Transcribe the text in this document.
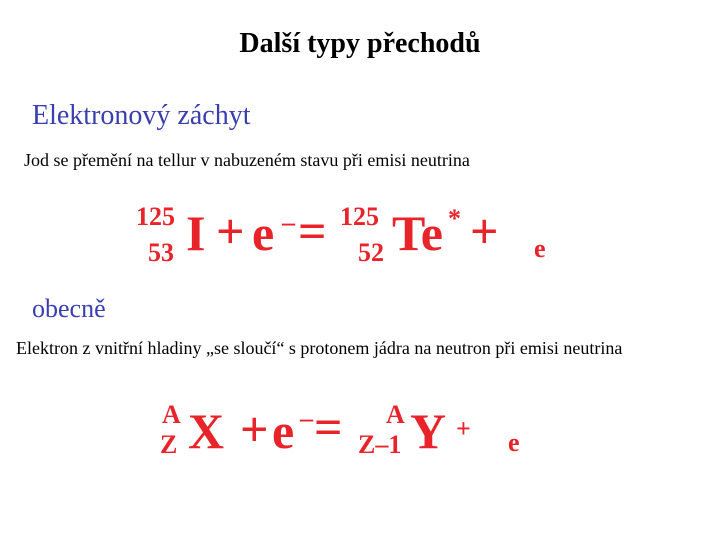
Další typy přechodů
Elektronový záchyt
Jod se přemění na tellur v nabuzeném stavu při emisi neutrina
125
53 I + e – = 125
52 Te * + e
obecně
Elektron z vnitřní hladiny „se sloučí“ s protonem jádra na neutron při emisi neutrina
A
Z X + e – = A
Z–1 Y + e
